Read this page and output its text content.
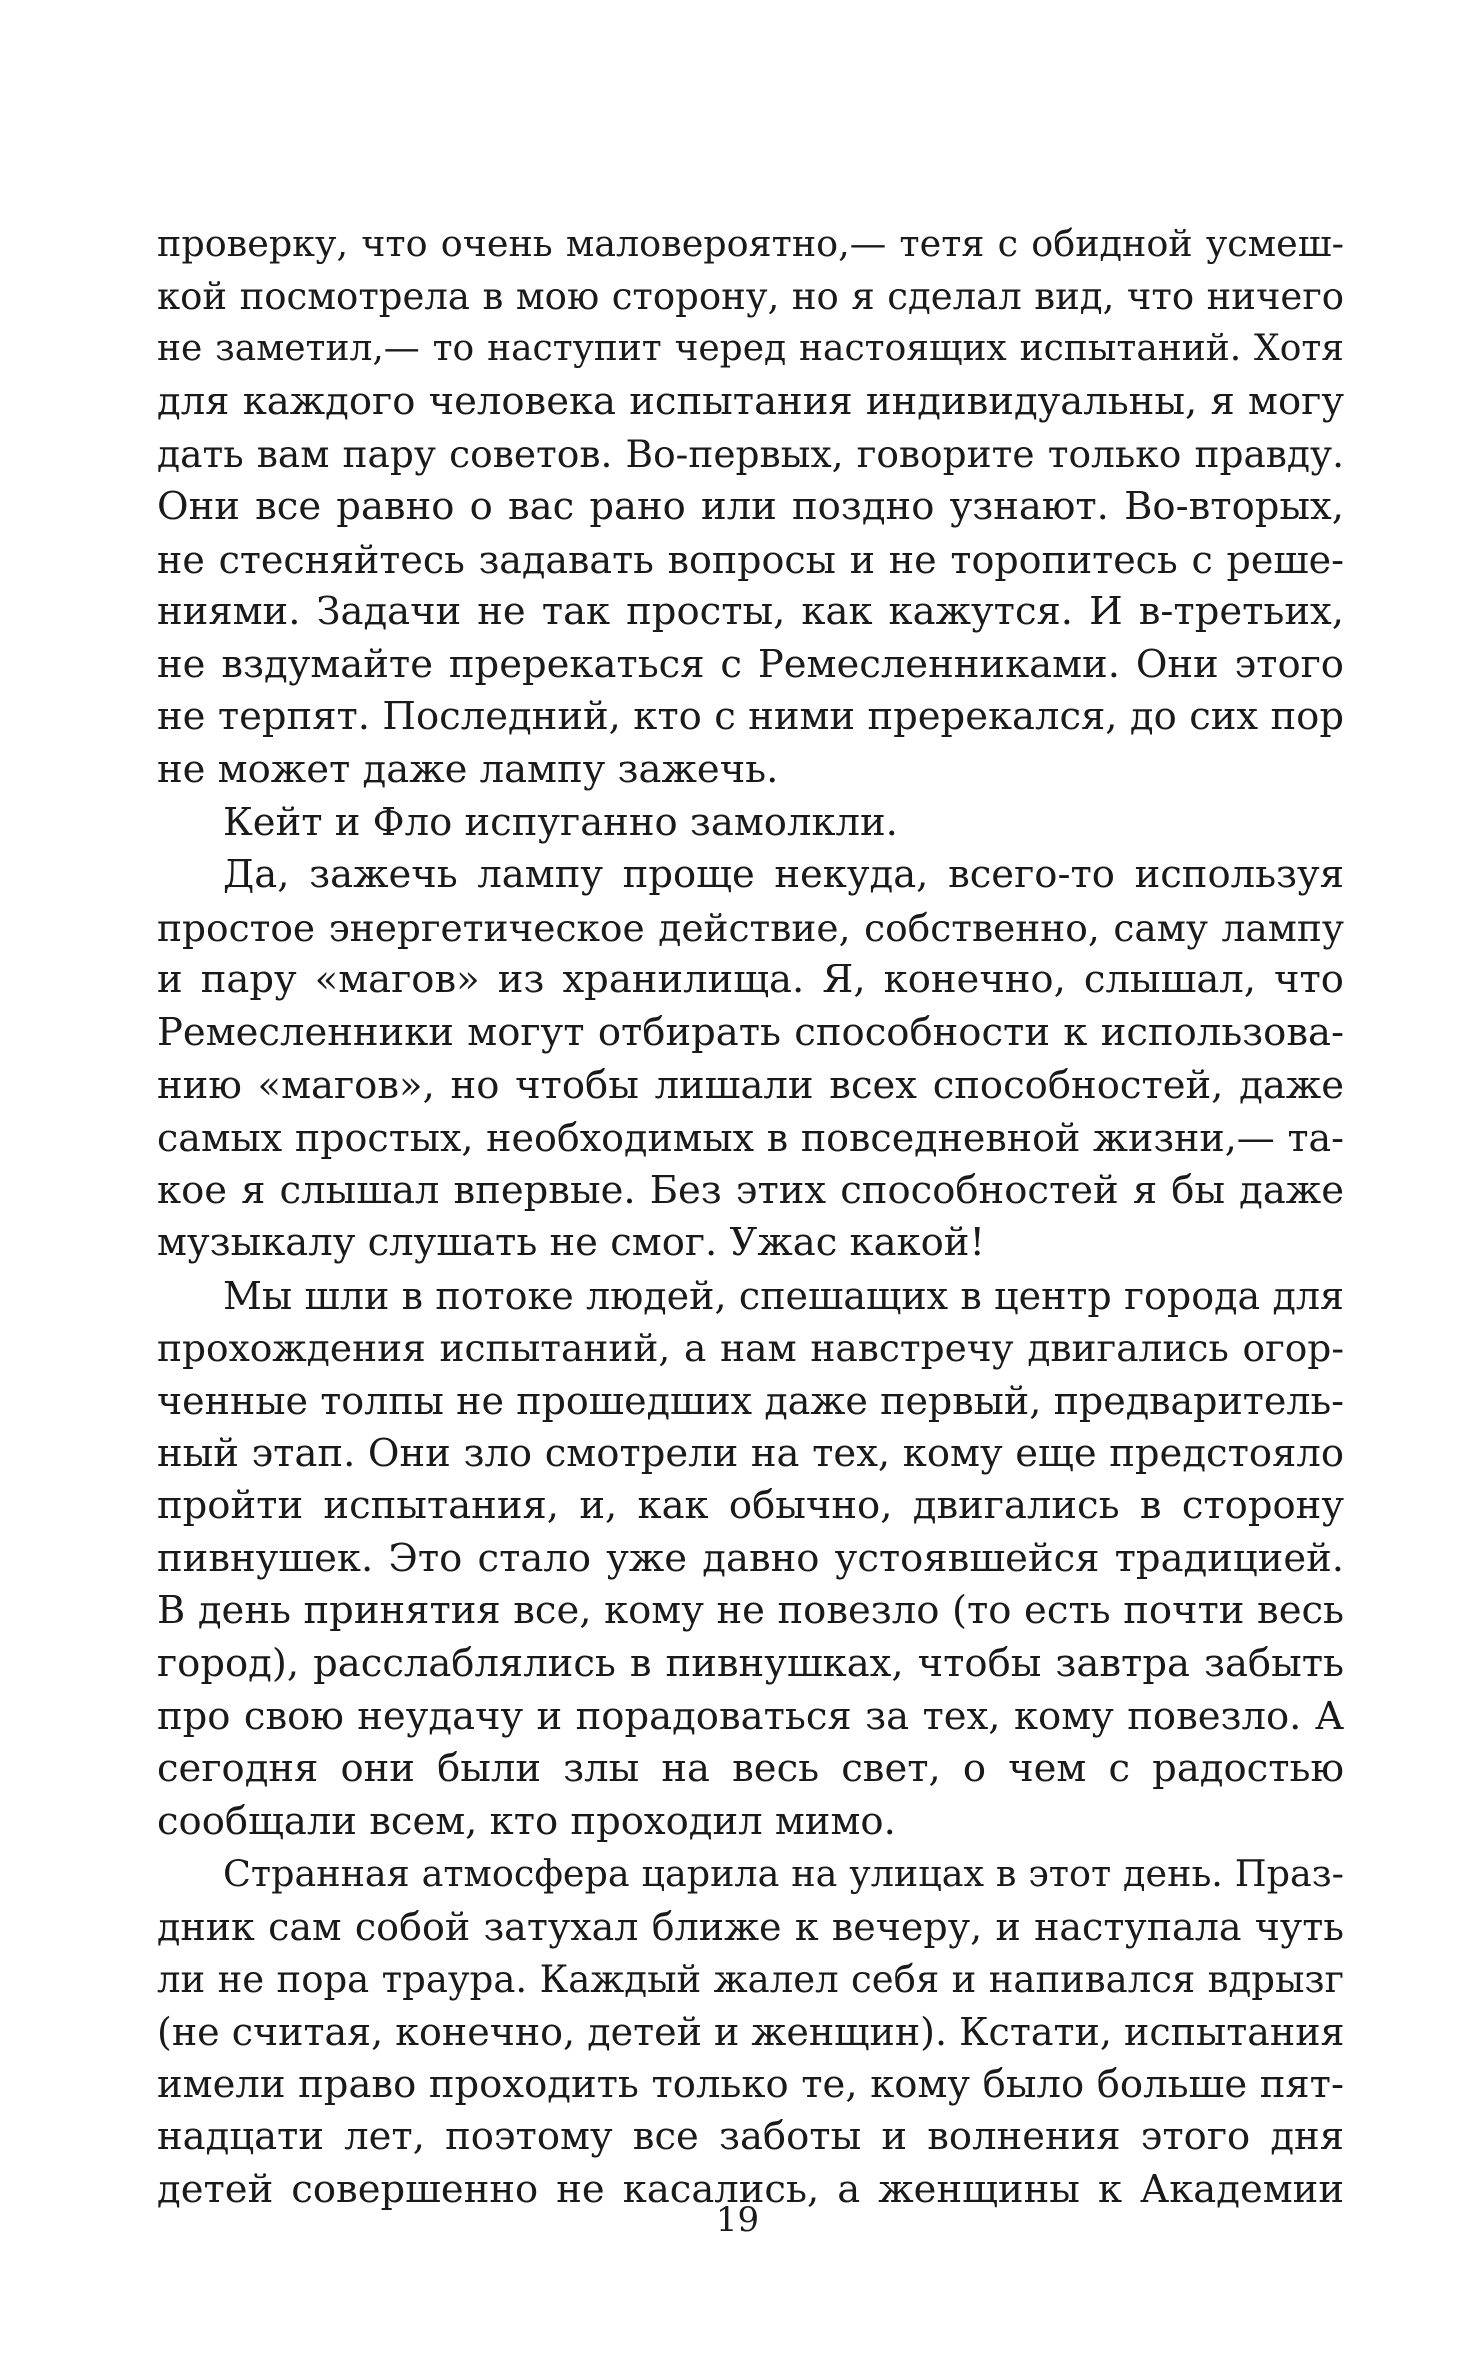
проверку, что очень маловероятно,— тетя с обидной усмеш-
кой посмотрела в мою сторону, но я сделал вид, что ничего
не заметил,— то наступит черед настоящих испытаний. Хотя
для каждого человека испытания индивидуальны, я могу
дать вам пару советов. Во-первых, говорите только правду.
Они все равно о вас рано или поздно узнают. Во-вторых,
не стесняйтесь задавать вопросы и не торопитесь с реше-
ниями. Задачи не так просты, как кажутся. И в-третьих,
не вздумайте пререкаться с Ремесленниками. Они этого
не терпят. Последний, кто с ними пререкался, до сих пор
не может даже лампу зажечь.
Кейт и Фло испуганно замолкли.
Да, зажечь лампу проще некуда, всего-то используя
простое энергетическое действие, собственно, саму лампу
и пару «магов» из хранилища. Я, конечно, слышал, что
Ремесленники могут отбирать способности к использова-
нию «магов», но чтобы лишали всех способностей, даже
самых простых, необходимых в повседневной жизни,— та-
кое я слышал впервые. Без этих способностей я бы даже
музыкалу слушать не смог. Ужас какой!
Мы шли в потоке людей, спешащих в центр города для
прохождения испытаний, а нам навстречу двигались огор-
ченные толпы не прошедших даже первый, предваритель-
ный этап. Они зло смотрели на тех, кому еще предстояло
пройти испытания, и, как обычно, двигались в сторону
пивнушек. Это стало уже давно устоявшейся традицией.
В день принятия все, кому не повезло (то есть почти весь
город), расслаблялись в пивнушках, чтобы завтра забыть
про свою неудачу и порадоваться за тех, кому повезло. А
сегодня они были злы на весь свет, о чем с радостью
сообщали всем, кто проходил мимо.
Странная атмосфера царила на улицах в этот день. Праз-
дник сам собой затухал ближе к вечеру, и наступала чуть
ли не пора траура. Каждый жалел себя и напивался вдрызг
(не считая, конечно, детей и женщин). Кстати, испытания
имели право проходить только те, кому было больше пят-
надцати лет, поэтому все заботы и волнения этого дня
детей совершенно не касались, а женщины к Академии
19
